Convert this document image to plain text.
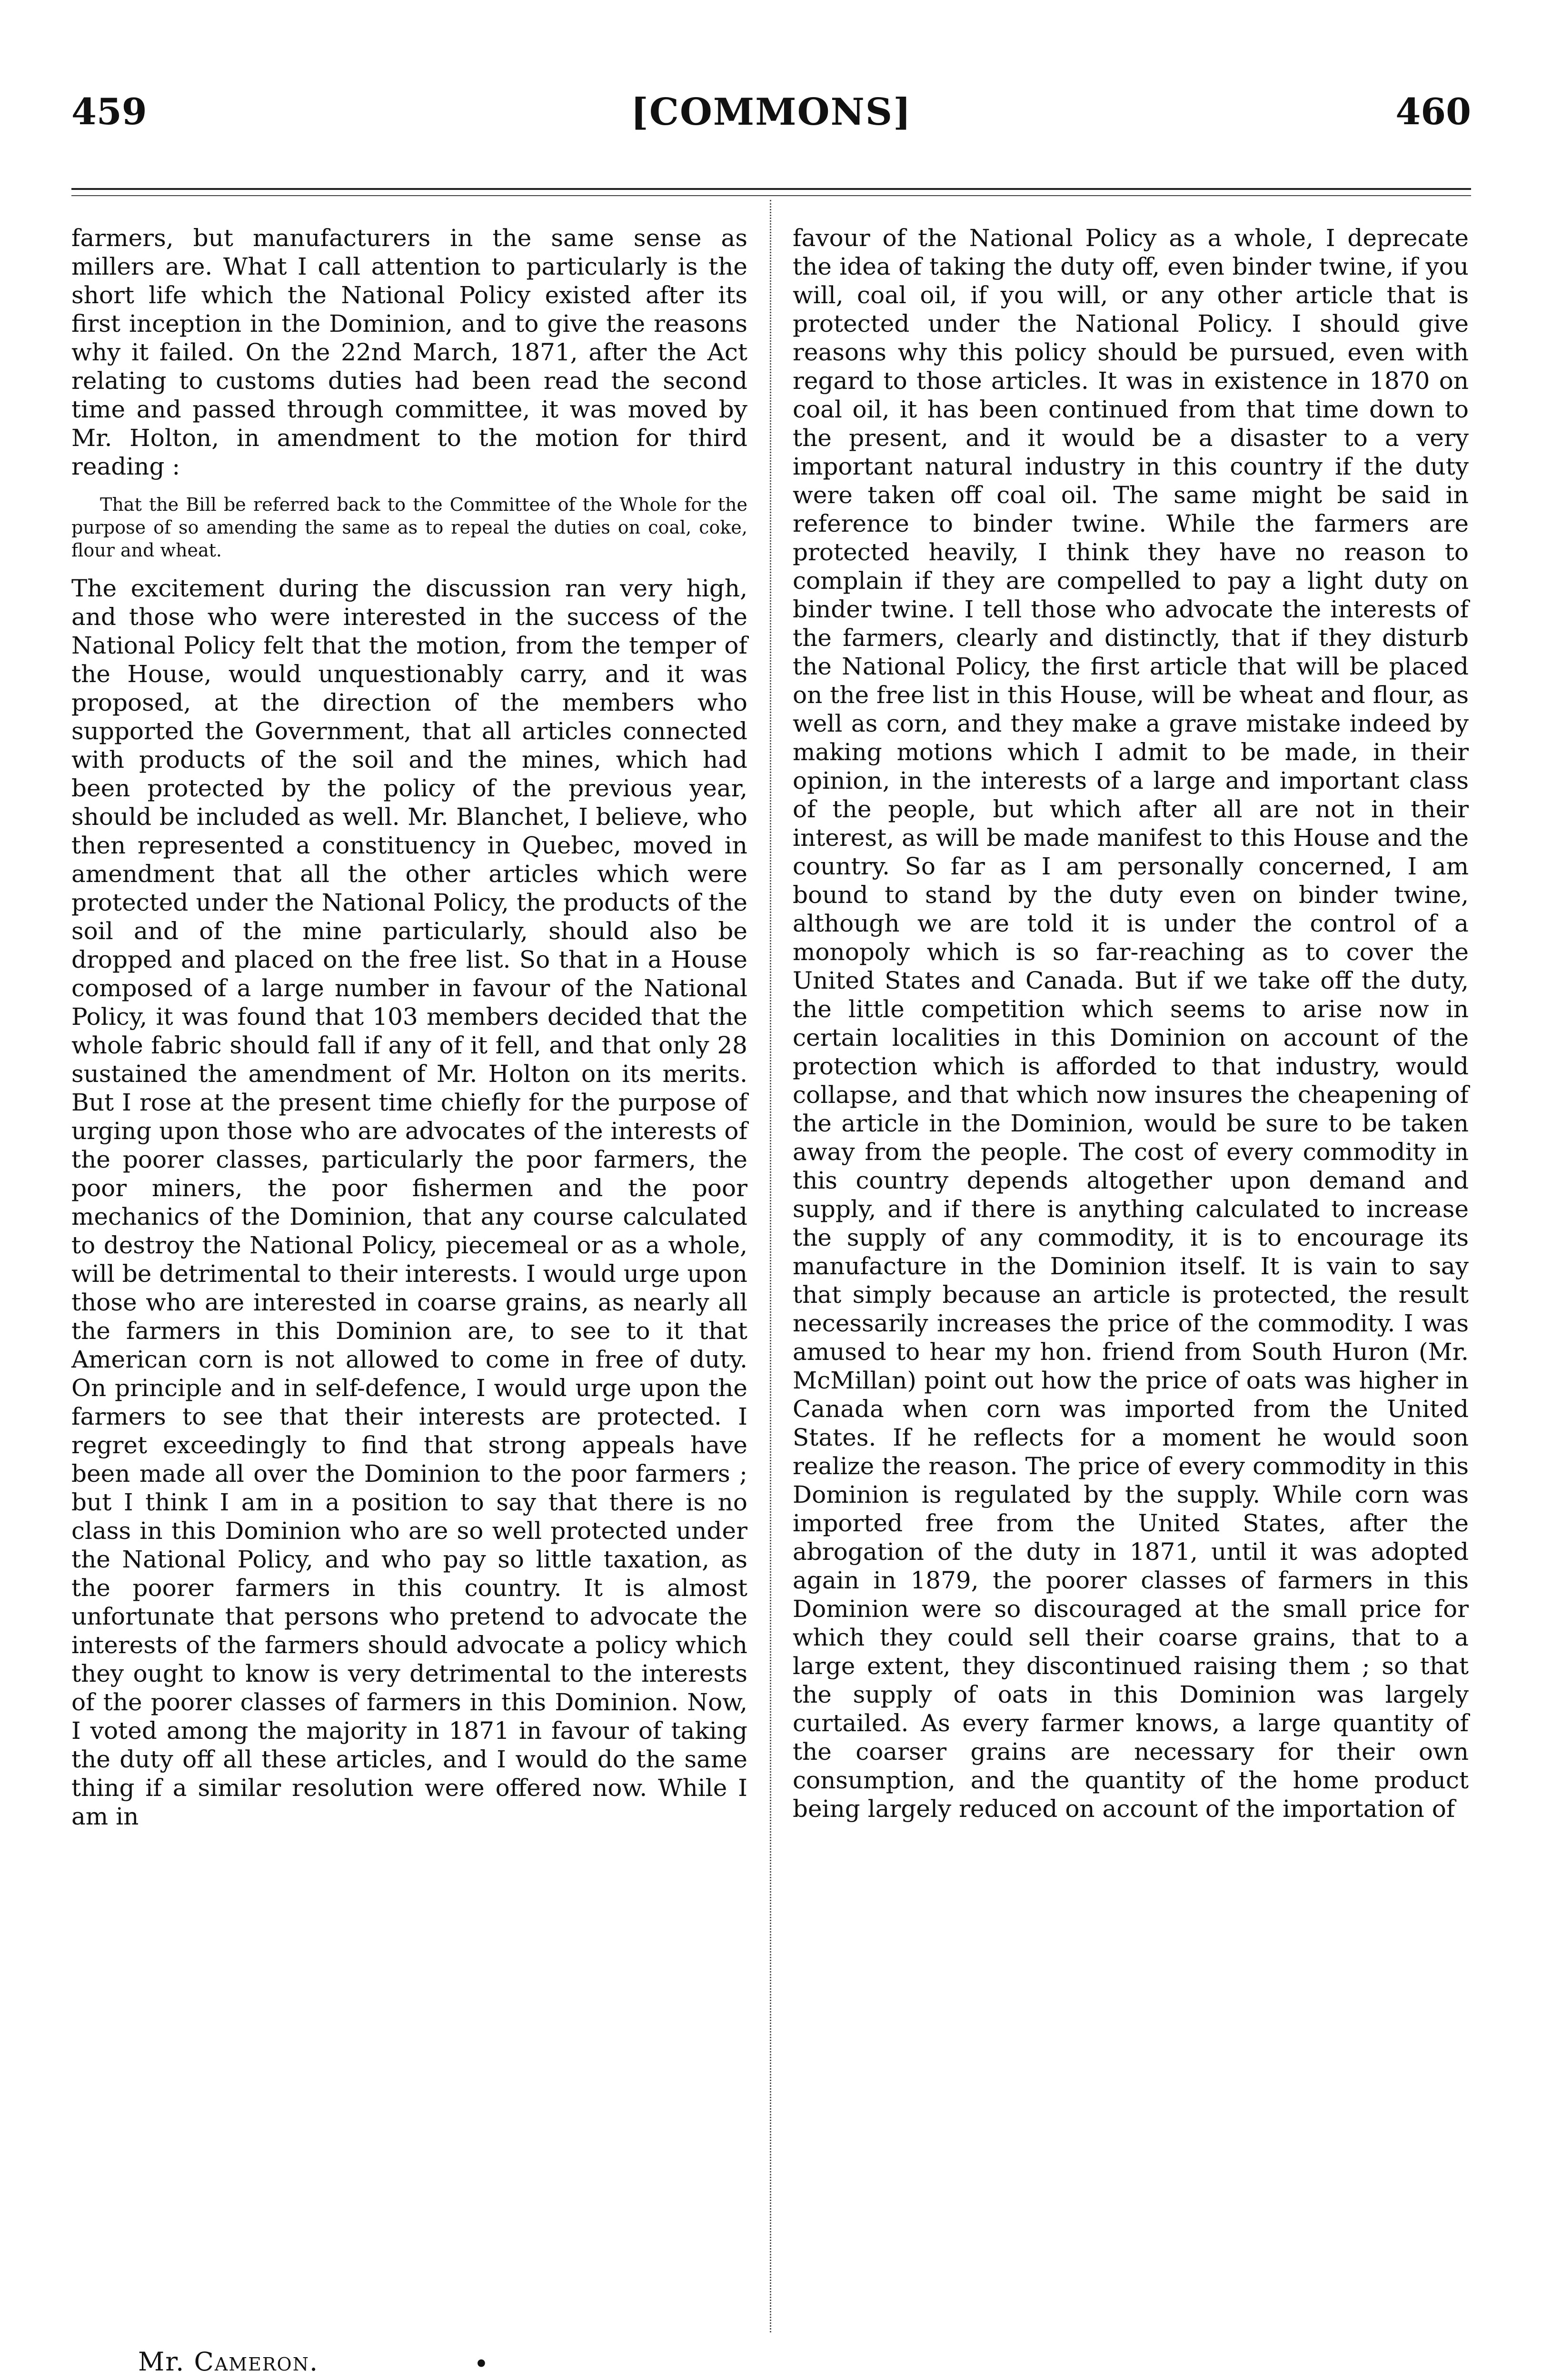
459	[COMMONS]	460

farmers, but manufacturers in the same sense as millers are. What I call attention to particularly is the short life which the National Policy existed after its first inception in the Dominion, and to give the reasons why it failed. On the 22nd March, 1871, after the Act relating to customs duties had been read the second time and passed through committee, it was moved by Mr. Holton, in amendment to the motion for third reading :

That the Bill be referred back to the Committee of the Whole for the purpose of so amending the same as to repeal the duties on coal, coke, flour and wheat.

The excitement during the discussion ran very high, and those who were interested in the success of the National Policy felt that the motion, from the temper of the House, would unquestionably carry, and it was proposed, at the direction of the members who supported the Government, that all articles connected with products of the soil and the mines, which had been protected by the policy of the previous year, should be included as well. Mr. Blanchet, I believe, who then represented a constituency in Quebec, moved in amendment that all the other articles which were protected under the National Policy, the products of the soil and of the mine particularly, should also be dropped and placed on the free list. So that in a House composed of a large number in favour of the National Policy, it was found that 103 members decided that the whole fabric should fall if any of it fell, and that only 28 sustained the amendment of Mr. Holton on its merits. But I rose at the present time chiefly for the purpose of urging upon those who are advocates of the interests of the poorer classes, particularly the poor farmers, the poor miners, the poor fishermen and the poor mechanics of the Dominion, that any course calculated to destroy the National Policy, piecemeal or as a whole, will be detrimental to their interests. I would urge upon those who are interested in coarse grains, as nearly all the farmers in this Dominion are, to see to it that American corn is not allowed to come in free of duty. On principle and in self-defence, I would urge upon the farmers to see that their interests are protected. I regret exceedingly to find that strong appeals have been made all over the Dominion to the poor farmers ; but I think I am in a position to say that there is no class in this Dominion who are so well protected under the National Policy, and who pay so little taxation, as the poorer farmers in this country. It is almost unfortunate that persons who pretend to advocate the interests of the farmers should advocate a policy which they ought to know is very detrimental to the interests of the poorer classes of farmers in this Dominion. Now, I voted among the majority in 1871 in favour of taking the duty off all these articles, and I would do the same thing if a similar resolution were offered now. While I am in

favour of the National Policy as a whole, I deprecate the idea of taking the duty off, even binder twine, if you will, coal oil, if you will, or any other article that is protected under the National Policy. I should give reasons why this policy should be pursued, even with regard to those articles. It was in existence in 1870 on coal oil, it has been continued from that time down to the present, and it would be a disaster to a very important natural industry in this country if the duty were taken off coal oil. The same might be said in reference to binder twine. While the farmers are protected heavily, I think they have no reason to complain if they are compelled to pay a light duty on binder twine. I tell those who advocate the interests of the farmers, clearly and distinctly, that if they disturb the National Policy, the first article that will be placed on the free list in this House, will be wheat and flour, as well as corn, and they make a grave mistake indeed by making motions which I admit to be made, in their opinion, in the interests of a large and important class of the people, but which after all are not in their interest, as will be made manifest to this House and the country. So far as I am personally concerned, I am bound to stand by the duty even on binder twine, although we are told it is under the control of a monopoly which is so far-reaching as to cover the United States and Canada. But if we take off the duty, the little competition which seems to arise now in certain localities in this Dominion on account of the protection which is afforded to that industry, would collapse, and that which now insures the cheapening of the article in the Dominion, would be sure to be taken away from the people. The cost of every commodity in this country depends altogether upon demand and supply, and if there is anything calculated to increase the supply of any commodity, it is to encourage its manufacture in the Dominion itself. It is vain to say that simply because an article is protected, the result necessarily increases the price of the commodity. I was amused to hear my hon. friend from South Huron (Mr. McMillan) point out how the price of oats was higher in Canada when corn was imported from the United States. If he reflects for a moment he would soon realize the reason. The price of every commodity in this Dominion is regulated by the supply. While corn was imported free from the United States, after the abrogation of the duty in 1871, until it was adopted again in 1879, the poorer classes of farmers in this Dominion were so discouraged at the small price for which they could sell their coarse grains, that to a large extent, they discontinued raising them ; so that the supply of oats in this Dominion was largely curtailed. As every farmer knows, a large quantity of the coarser grains are necessary for their own consumption, and the quantity of the home product being largely reduced on account of the importation of

Mr. Cameron.	•
